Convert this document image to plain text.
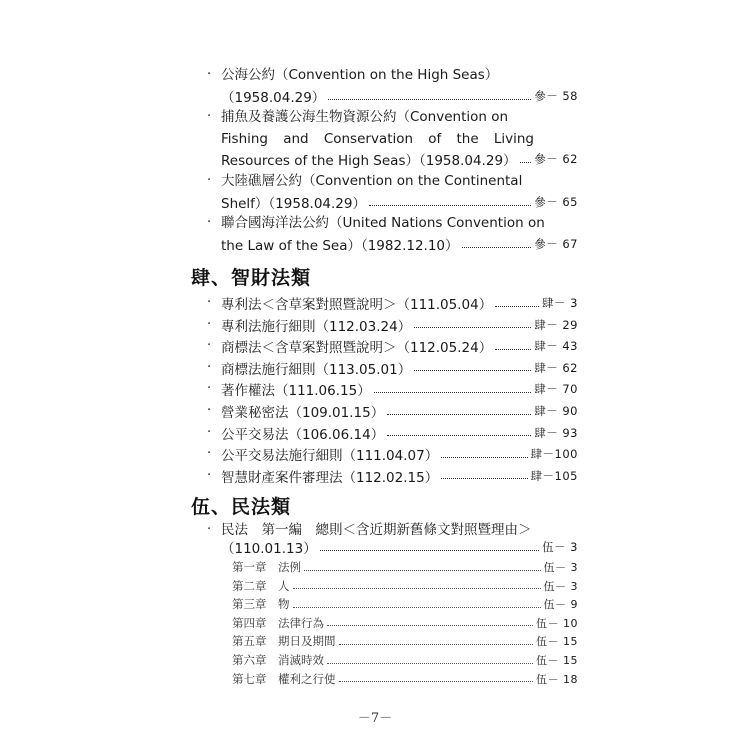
‧ 公海公約（Convention on the High Seas）
（1958.04.29）	參－ 58
‧ 捕魚及養護公海生物資源公約（Convention on
Fishing and Conservation of the Living
Resources of the High Seas）（1958.04.29） 參－ 62
‧ 大陸礁層公約（Convention on the Continental
Shelf）（1958.04.29）	參－ 65
‧ 聯合國海洋法公約（United Nations Convention on
the Law of the Sea）（1982.12.10）	參－ 67
肆、智財法類
‧ 專利法＜含草案對照暨說明＞（111.05.04）	肆－ 3
‧ 專利法施行細則（112.03.24）	肆－ 29
‧ 商標法＜含草案對照暨說明＞（112.05.24）	肆－ 43
‧ 商標法施行細則（113.05.01）	肆－ 62
‧ 著作權法（111.06.15）	肆－ 70
‧ 營業秘密法（109.01.15）	肆－ 90
‧ 公平交易法（106.06.14）	肆－ 93
‧ 公平交易法施行細則（111.04.07）	肆－100
‧ 智慧財產案件審理法（112.02.15）	肆－105
伍、民法類
‧ 民法　第一編　總則＜含近期新舊條文對照暨理由＞
（110.01.13）	伍－ 3
第一章　法例	伍－ 3
第二章　人	伍－ 3
第三章　物	伍－ 9
第四章　法律行為	伍－ 10
第五章　期日及期間	伍－ 15
第六章　消滅時效	伍－ 15
第七章　權利之行使	伍－ 18
－7－
